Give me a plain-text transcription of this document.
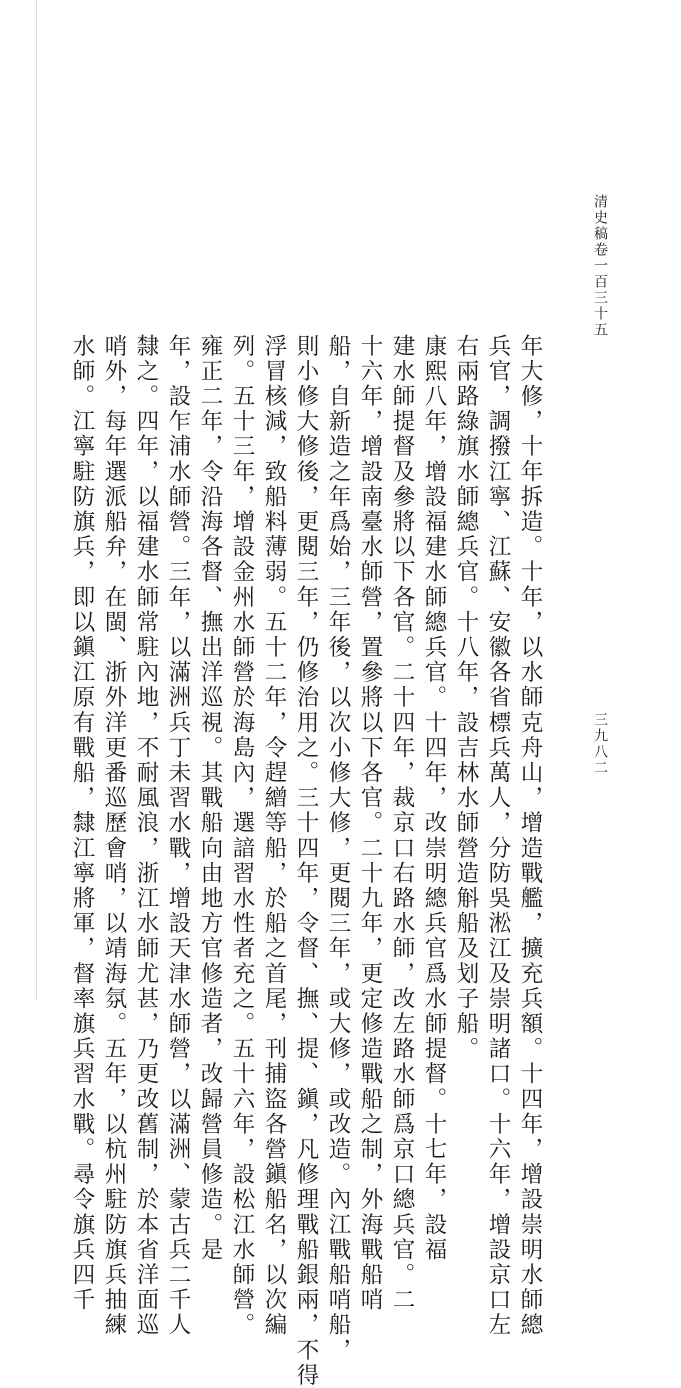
清史稿卷一百三十五
三九八二
年大修，十年拆造。十年，以水師克舟山，增造戰艦，擴充兵額。十四年，增設崇明水師總
兵官，調撥江寧、江蘇、安徽各省標兵萬人，分防吳淞江及崇明諸口。十六年，增設京口左
右兩路綠旗水師總兵官。十八年，設吉林水師營造斛船及划子船。
康熙八年，增設福建水師總兵官。十四年，改崇明總兵官爲水師提督。十七年，設福
建水師提督及參將以下各官。二十四年，裁京口右路水師，改左路水師爲京口總兵官。二
十六年，增設南臺水師營，置參將以下各官。二十九年，更定修造戰船之制，外海戰船哨
船，自新造之年爲始，三年後，以次小修大修，更閱三年，或大修，或改造。內江戰船哨船，
則小修大修後，更閱三年，仍修治用之。三十四年，令督、撫、提、鎭，凡修理戰船銀兩，不得
浮冒核減，致船料薄弱。五十二年，令趕繒等船，於船之首尾，刊捕盜各營鎭船名，以次編
列。五十三年，增設金州水師營於海島內，選諳習水性者充之。五十六年，設松江水師營。
雍正二年，令沿海各督、撫出洋巡視。其戰船向由地方官修造者，改歸營員修造。是
年，設乍浦水師營。三年，以滿洲兵丁未習水戰，增設天津水師營，以滿洲、蒙古兵二千人
隸之。四年，以福建水師常駐內地，不耐風浪，浙江水師尤甚，乃更改舊制，於本省洋面巡
哨外，每年選派船弁，在閩、浙外洋更番巡歷會哨，以靖海氛。五年，以杭州駐防旗兵抽練
水師。江寧駐防旗兵，即以鎭江原有戰船，隸江寧將軍，督率旗兵習水戰。尋令旗兵四千
